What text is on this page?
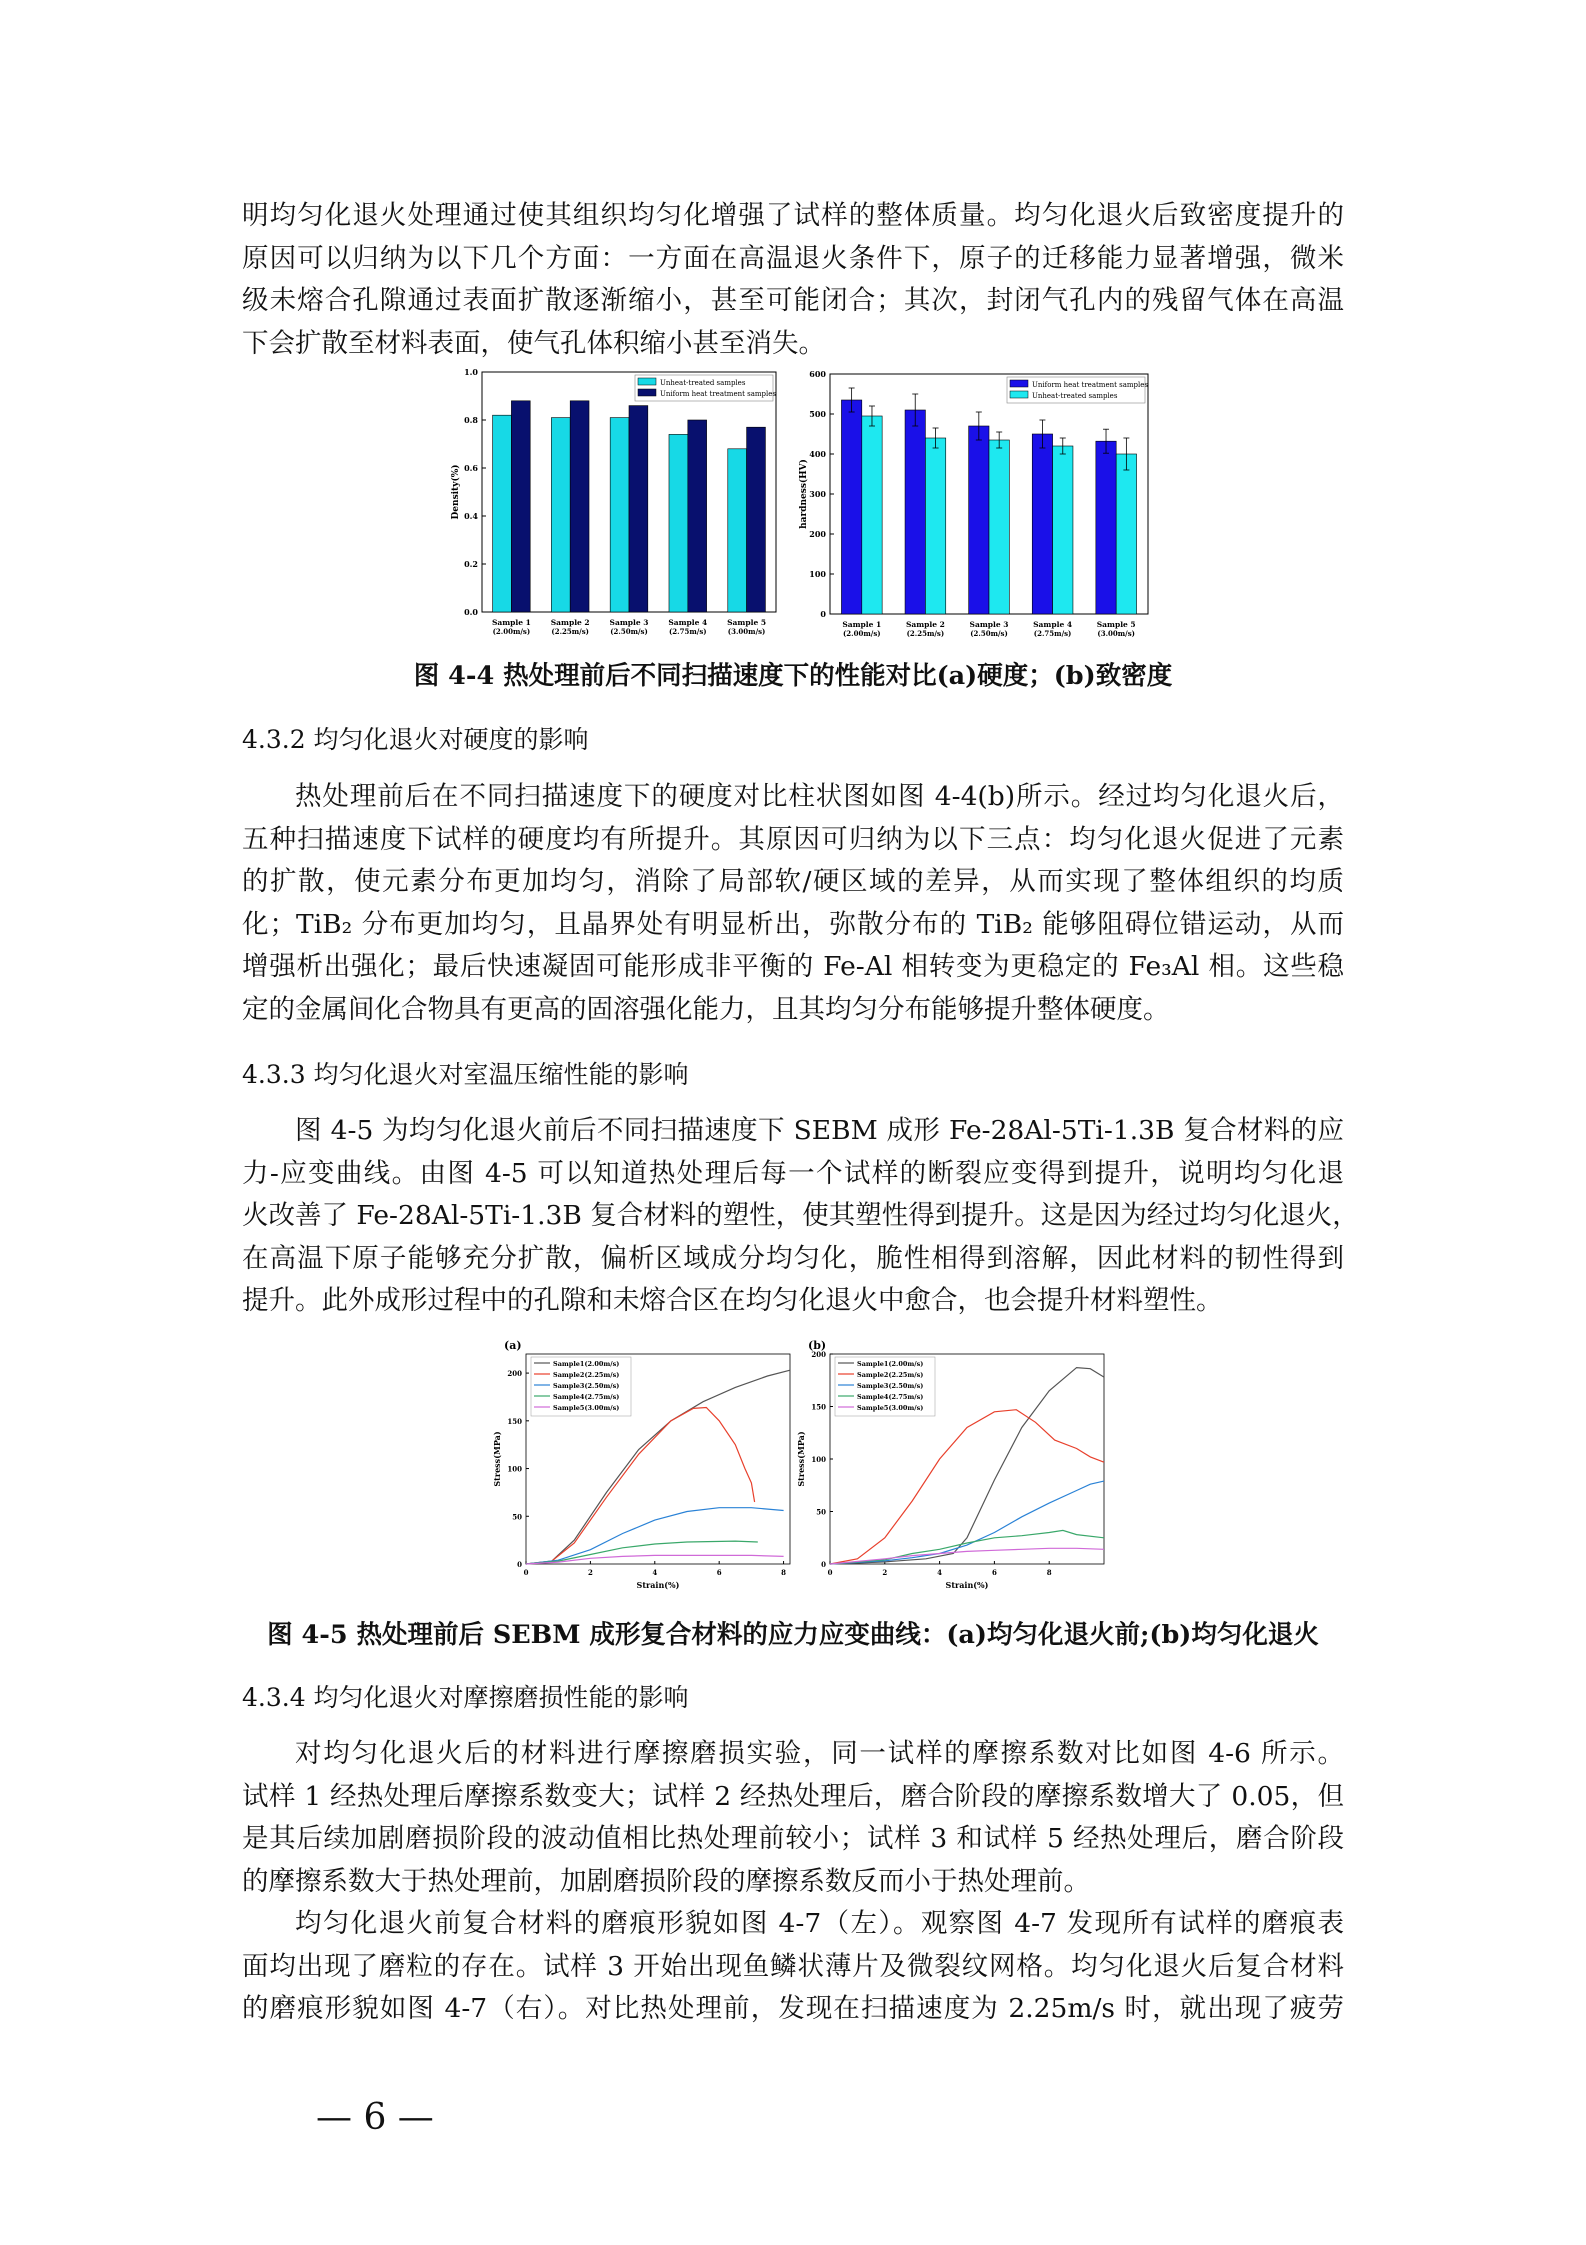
明均匀化退火处理通过使其组织均匀化增强了试样的整体质量。均匀化退火后致密度提升的
原因可以归纳为以下几个方面：一方面在高温退火条件下，原子的迁移能力显著增强，微米
级未熔合孔隙通过表面扩散逐渐缩小，甚至可能闭合；其次，封闭气孔内的残留气体在高温
下会扩散至材料表面，使气孔体积缩小甚至消失。

0.0
0.2
0.4
0.6
0.8
1.0
Density(%)
Sample 1
(2.00m/s)
Sample 2
(2.25m/s)
Sample 3
(2.50m/s)
Sample 4
(2.75m/s)
Sample 5
(3.00m/s)
Unheat-treated samples
Uniform heat treatment samples
0
100
200
300
400
500
600
hardness(HV)
Sample 1
(2.00m/s)
Sample 2
(2.25m/s)
Sample 3
(2.50m/s)
Sample 4
(2.75m/s)
Sample 5
(3.00m/s)
Uniform heat treatment samples
Unheat-treated samples

图 4-4 热处理前后不同扫描速度下的性能对比(a)硬度；(b)致密度

4.3.2 均匀化退火对硬度的影响

热处理前后在不同扫描速度下的硬度对比柱状图如图 4-4(b)所示。经过均匀化退火后，
五种扫描速度下试样的硬度均有所提升。其原因可归纳为以下三点：均匀化退火促进了元素
的扩散，使元素分布更加均匀，消除了局部软/硬区域的差异，从而实现了整体组织的均质
化；TiB₂ 分布更加均匀，且晶界处有明显析出，弥散分布的 TiB₂ 能够阻碍位错运动，从而
增强析出强化；最后快速凝固可能形成非平衡的 Fe-Al 相转变为更稳定的 Fe₃Al 相。这些稳
定的金属间化合物具有更高的固溶强化能力，且其均匀分布能够提升整体硬度。

4.3.3 均匀化退火对室温压缩性能的影响

图 4-5 为均匀化退火前后不同扫描速度下 SEBM 成形 Fe-28Al-5Ti-1.3B 复合材料的应
力-应变曲线。由图 4-5 可以知道热处理后每一个试样的断裂应变得到提升，说明均匀化退
火改善了 Fe-28Al-5Ti-1.3B 复合材料的塑性，使其塑性得到提升。这是因为经过均匀化退火，
在高温下原子能够充分扩散，偏析区域成分均匀化，脆性相得到溶解，因此材料的韧性得到
提升。此外成形过程中的孔隙和未熔合区在均匀化退火中愈合，也会提升材料塑性。

(a)
0
50
100
150
200
0	2	4	6	8
Strain(%)
Stress(MPa)
Sample1(2.00m/s)
Sample2(2.25m/s)
Sample3(2.50m/s)
Sample4(2.75m/s)
Sample5(3.00m/s)
(b)
0
50
100
150
200
0	2	4	6	8
Strain(%)
Stress(MPa)
Sample1(2.00m/s)
Sample2(2.25m/s)
Sample3(2.50m/s)
Sample4(2.75m/s)
Sample5(3.00m/s)

图 4-5 热处理前后 SEBM 成形复合材料的应力应变曲线：(a)均匀化退火前;(b)均匀化退火

4.3.4 均匀化退火对摩擦磨损性能的影响

对均匀化退火后的材料进行摩擦磨损实验，同一试样的摩擦系数对比如图 4-6 所示。
试样 1 经热处理后摩擦系数变大；试样 2 经热处理后，磨合阶段的摩擦系数增大了 0.05，但
是其后续加剧磨损阶段的波动值相比热处理前较小；试样 3 和试样 5 经热处理后，磨合阶段
的摩擦系数大于热处理前，加剧磨损阶段的摩擦系数反而小于热处理前。

均匀化退火前复合材料的磨痕形貌如图 4-7（左）。观察图 4-7 发现所有试样的磨痕表
面均出现了磨粒的存在。试样 3 开始出现鱼鳞状薄片及微裂纹网格。均匀化退火后复合材料
的磨痕形貌如图 4-7（右）。对比热处理前，发现在扫描速度为 2.25m/s 时，就出现了疲劳

— 6 —
